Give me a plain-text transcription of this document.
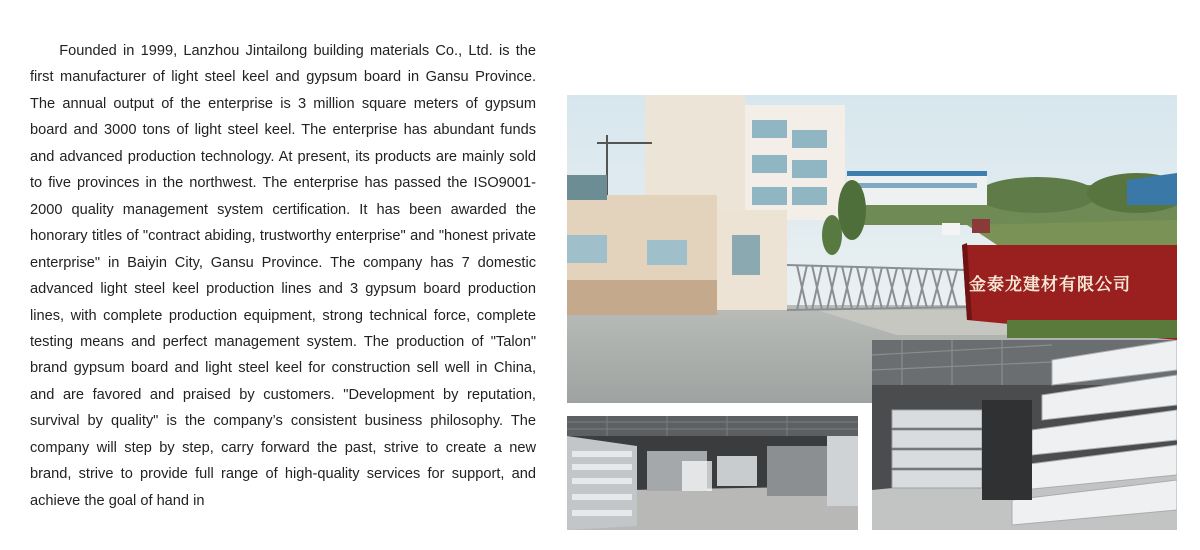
Founded in 1999, Lanzhou Jintailong building materials Co., Ltd. is the first manufacturer of light steel keel and gypsum board in Gansu Province. The annual output of the enterprise is 3 million square meters of gypsum board and 3000 tons of light steel keel. The enterprise has abundant funds and advanced production technology. At present, its products are mainly sold to five provinces in the northwest. The enterprise has passed the ISO9001-2000 quality management system certification. It has been awarded the honorary titles of "contract abiding, trustworthy enterprise" and "honest private enterprise" in Baiyin City, Gansu Province. The company has 7 domestic advanced light steel keel production lines and 3 gypsum board production lines, with complete production equipment, strong technical force, complete testing means and perfect management system. The production of "Talon" brand gypsum board and light steel keel for construction sell well in China, and are favored and praised by customers. "Development by reputation, survival by quality" is the company’s consistent business philosophy. The company will step by step, carry forward the past, strive to create a new brand, strive to provide full range of high-quality services for support, and achieve the goal of hand in

金泰龙建材有限公司
